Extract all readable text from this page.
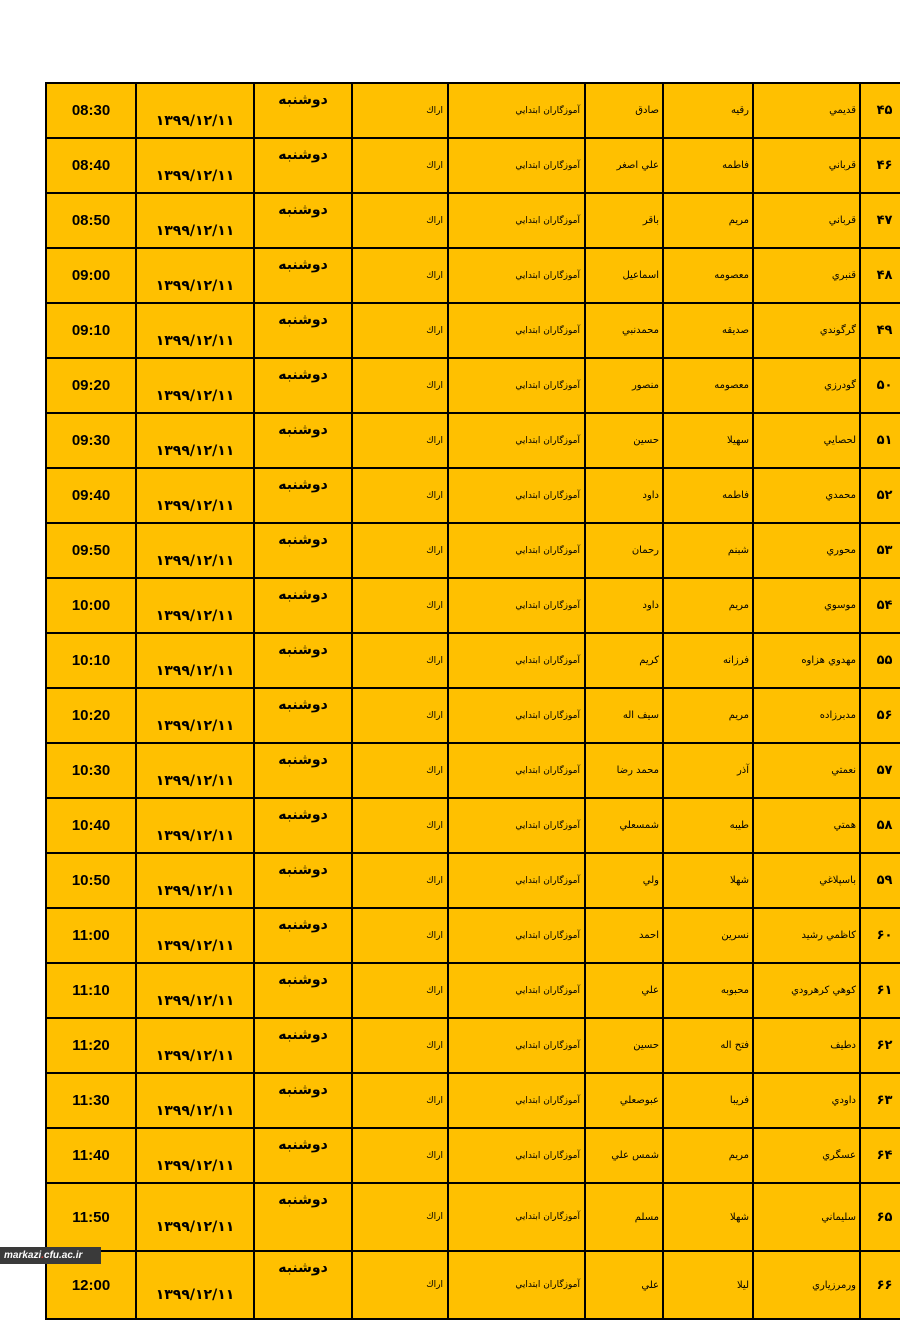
08:30	۱۳۹۹/۱۲/۱۱	دوشنبه	اراك	آموزگاران ابتدايي	صادق	رقيه	قديمي	۴۵
08:40	۱۳۹۹/۱۲/۱۱	دوشنبه	اراك	آموزگاران ابتدايي	علي اصغر	فاطمه	قرباني	۴۶
08:50	۱۳۹۹/۱۲/۱۱	دوشنبه	اراك	آموزگاران ابتدايي	باقر	مريم	قرباني	۴۷
09:00	۱۳۹۹/۱۲/۱۱	دوشنبه	اراك	آموزگاران ابتدايي	اسماعيل	معصومه	قنبري	۴۸
09:10	۱۳۹۹/۱۲/۱۱	دوشنبه	اراك	آموزگاران ابتدايي	محمدنبي	صديقه	گرگوندي	۴۹
09:20	۱۳۹۹/۱۲/۱۱	دوشنبه	اراك	آموزگاران ابتدايي	منصور	معصومه	گودرزي	۵۰
09:30	۱۳۹۹/۱۲/۱۱	دوشنبه	اراك	آموزگاران ابتدايي	حسين	سهيلا	لحصايي	۵۱
09:40	۱۳۹۹/۱۲/۱۱	دوشنبه	اراك	آموزگاران ابتدايي	داود	فاطمه	محمدي	۵۲
09:50	۱۳۹۹/۱۲/۱۱	دوشنبه	اراك	آموزگاران ابتدايي	رحمان	شبنم	محوري	۵۳
10:00	۱۳۹۹/۱۲/۱۱	دوشنبه	اراك	آموزگاران ابتدايي	داود	مريم	موسوي	۵۴
10:10	۱۳۹۹/۱۲/۱۱	دوشنبه	اراك	آموزگاران ابتدايي	كريم	فرزانه	مهدوي هزاوه	۵۵
10:20	۱۳۹۹/۱۲/۱۱	دوشنبه	اراك	آموزگاران ابتدايي	سيف اله	مريم	مدبرزاده	۵۶
10:30	۱۳۹۹/۱۲/۱۱	دوشنبه	اراك	آموزگاران ابتدايي	محمد رضا	آذر	نعمتي	۵۷
10:40	۱۳۹۹/۱۲/۱۱	دوشنبه	اراك	آموزگاران ابتدايي	شمسعلي	طيبه	همتي	۵۸
10:50	۱۳۹۹/۱۲/۱۱	دوشنبه	اراك	آموزگاران ابتدايي	ولي	شهلا	باسپلاغي	۵۹
11:00	۱۳۹۹/۱۲/۱۱	دوشنبه	اراك	آموزگاران ابتدايي	احمد	نسرين	كاظمي رشيد	۶۰
11:10	۱۳۹۹/۱۲/۱۱	دوشنبه	اراك	آموزگاران ابتدايي	علي	محبوبه	كوهي كرهرودي	۶۱
11:20	۱۳۹۹/۱۲/۱۱	دوشنبه	اراك	آموزگاران ابتدايي	حسين	فتح اله	دطيف	۶۲
11:30	۱۳۹۹/۱۲/۱۱	دوشنبه	اراك	آموزگاران ابتدايي	عبوصعلي	فريبا	داودي	۶۳
11:40	۱۳۹۹/۱۲/۱۱	دوشنبه	اراك	آموزگاران ابتدايي	شمس علي	مريم	عسگري	۶۴
11:50	۱۳۹۹/۱۲/۱۱	دوشنبه	اراك	آموزگاران ابتدايي	مسلم	شهلا	سليماني	۶۵
12:00	۱۳۹۹/۱۲/۱۱	دوشنبه	اراك	آموزگاران ابتدايي	علي	ليلا	ورمرزياري	۶۶
markazi.cfu.ac.ir
